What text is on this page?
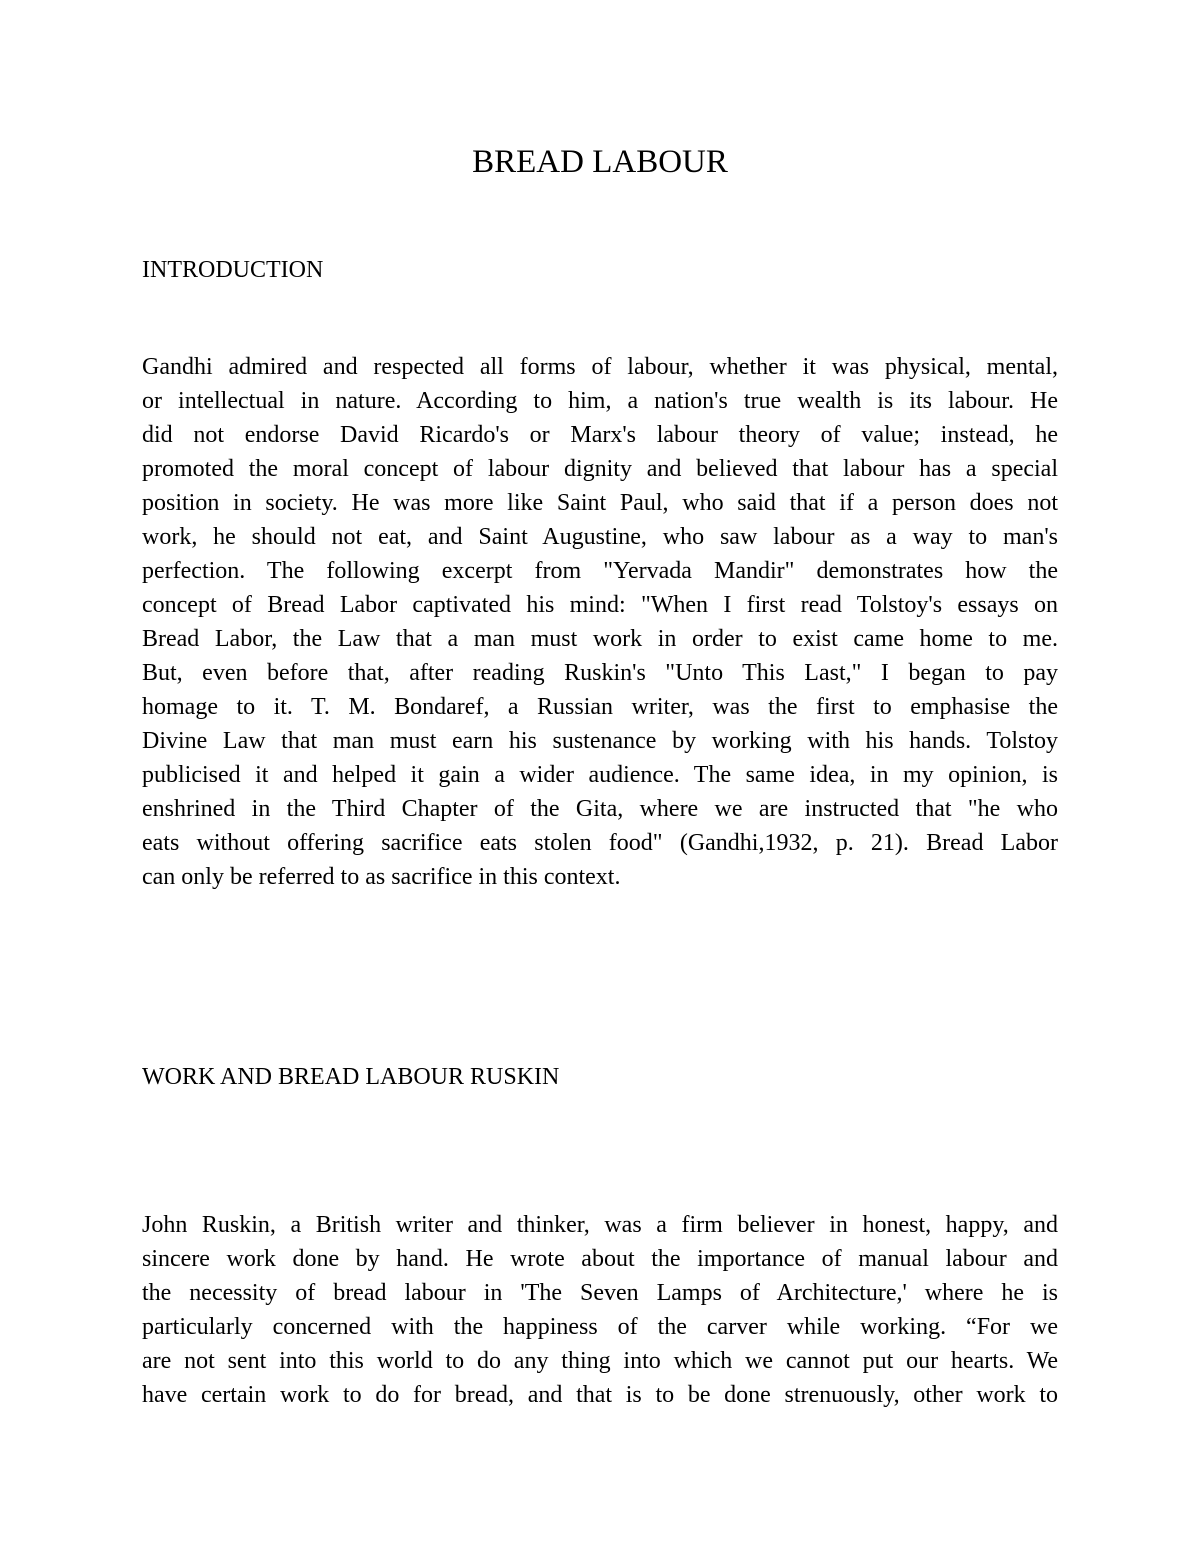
BREAD LABOUR
INTRODUCTION
Gandhi admired and respected all forms of labour, whether it was physical, mental,
or intellectual in nature. According to him, a nation's true wealth is its labour. He
did not endorse David Ricardo's or Marx's labour theory of value; instead, he
promoted the moral concept of labour dignity and believed that labour has a special
position in society. He was more like Saint Paul, who said that if a person does not
work, he should not eat, and Saint Augustine, who saw labour as a way to man's
perfection. The following excerpt from "Yervada Mandir" demonstrates how the
concept of Bread Labor captivated his mind: "When I first read Tolstoy's essays on
Bread Labor, the Law that a man must work in order to exist came home to me.
But, even before that, after reading Ruskin's "Unto This Last," I began to pay
homage to it. T. M. Bondaref, a Russian writer, was the first to emphasise the
Divine Law that man must earn his sustenance by working with his hands. Tolstoy
publicised it and helped it gain a wider audience. The same idea, in my opinion, is
enshrined in the Third Chapter of the Gita, where we are instructed that "he who
eats without offering sacrifice eats stolen food" (Gandhi,1932, p. 21). Bread Labor
can only be referred to as sacrifice in this context.
WORK AND BREAD LABOUR RUSKIN
John Ruskin, a British writer and thinker, was a firm believer in honest, happy, and
sincere work done by hand. He wrote about the importance of manual labour and
the necessity of bread labour in 'The Seven Lamps of Architecture,' where he is
particularly concerned with the happiness of the carver while working. “For we
are not sent into this world to do any thing into which we cannot put our hearts. We
have certain work to do for bread, and that is to be done strenuously, other work to
